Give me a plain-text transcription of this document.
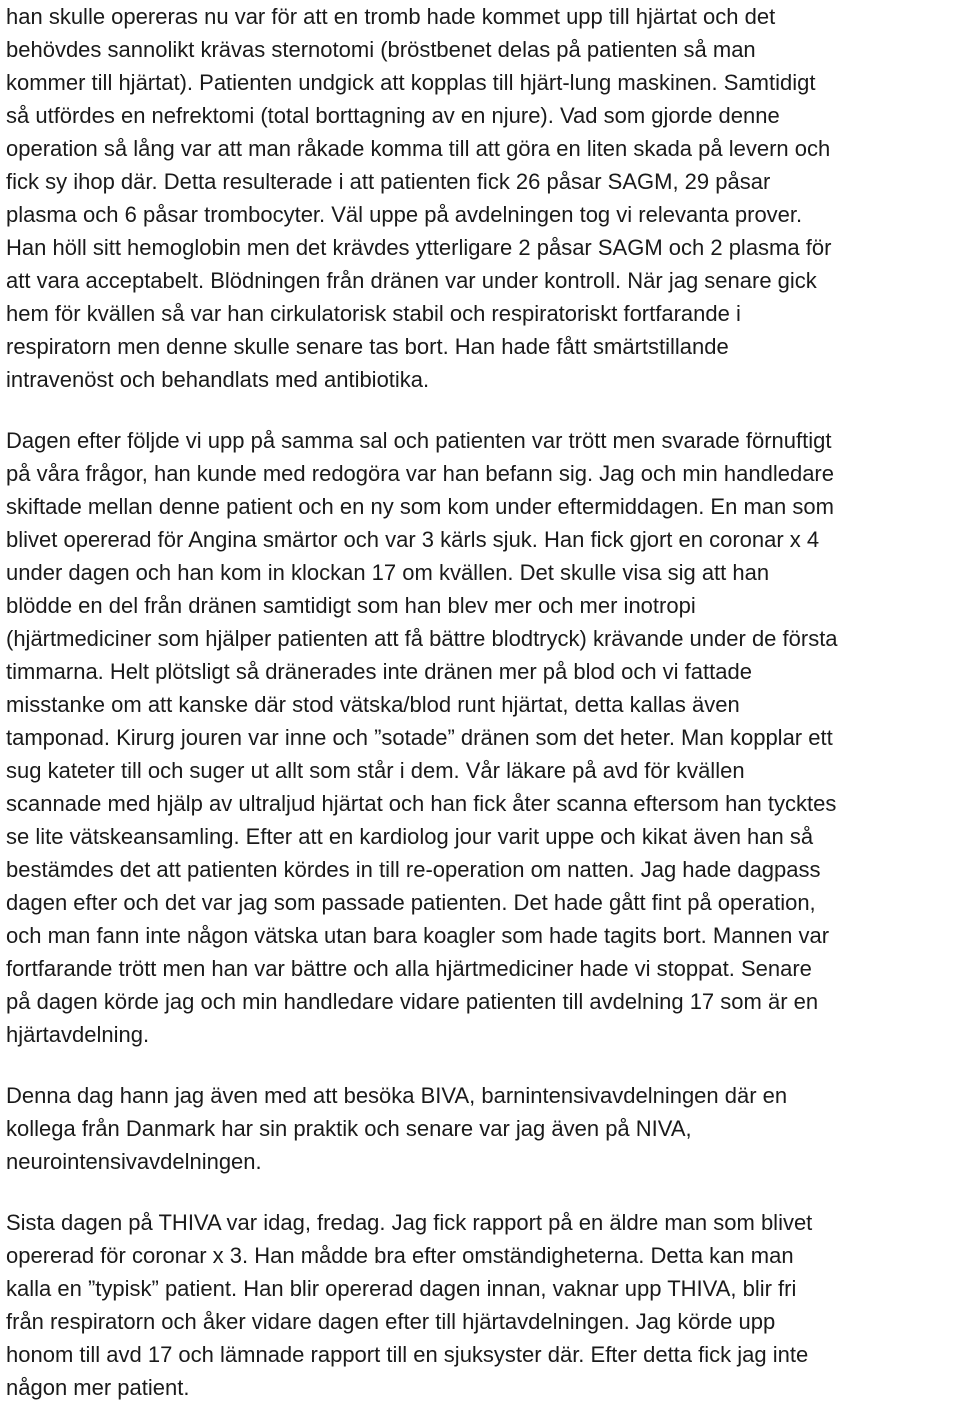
han skulle opereras nu var för att en tromb hade kommet upp till hjärtat och det
behövdes sannolikt krävas sternotomi (bröstbenet delas på patienten så man
kommer till hjärtat). Patienten undgick att kopplas till hjärt-lung maskinen. Samtidigt
så utfördes en nefrektomi (total borttagning av en njure). Vad som gjorde denne
operation så lång var att man råkade komma till att göra en liten skada på levern och
fick sy ihop där. Detta resulterade i att patienten fick 26 påsar SAGM, 29 påsar
plasma och 6 påsar trombocyter. Väl uppe på avdelningen tog vi relevanta prover.
Han höll sitt hemoglobin men det krävdes ytterligare 2 påsar SAGM och 2 plasma för
att vara acceptabelt. Blödningen från dränen var under kontroll. När jag senare gick
hem för kvällen så var han cirkulatorisk stabil och respiratoriskt fortfarande i
respiratorn men denne skulle senare tas bort. Han hade fått smärtstillande
intravenöst och behandlats med antibiotika.
Dagen efter följde vi upp på samma sal och patienten var trött men svarade förnuftigt
på våra frågor, han kunde med redogöra var han befann sig. Jag och min handledare
skiftade mellan denne patient och en ny som kom under eftermiddagen. En man som
blivet opererad för Angina smärtor och var 3 kärls sjuk. Han fick gjort en coronar x 4
under dagen och han kom in klockan 17 om kvällen. Det skulle visa sig att han
blödde en del från dränen samtidigt som han blev mer och mer inotropi
(hjärtmediciner som hjälper patienten att få bättre blodtryck) krävande under de första
timmarna. Helt plötsligt så dränerades inte dränen mer på blod och vi fattade
misstanke om att kanske där stod vätska/blod runt hjärtat, detta kallas även
tamponad. Kirurg jouren var inne och ”sotade” dränen som det heter. Man kopplar ett
sug kateter till och suger ut allt som står i dem. Vår läkare på avd för kvällen
scannade med hjälp av ultraljud hjärtat och han fick åter scanna eftersom han tycktes
se lite vätskeansamling. Efter att en kardiolog jour varit uppe och kikat även han så
bestämdes det att patienten kördes in till re-operation om natten. Jag hade dagpass
dagen efter och det var jag som passade patienten. Det hade gått fint på operation,
och man fann inte någon vätska utan bara koagler som hade tagits bort. Mannen var
fortfarande trött men han var bättre och alla hjärtmediciner hade vi stoppat. Senare
på dagen körde jag och min handledare vidare patienten till avdelning 17 som är en
hjärtavdelning.
Denna dag hann jag även med att besöka BIVA, barnintensivavdelningen där en
kollega från Danmark har sin praktik och senare var jag även på NIVA,
neurointensivavdelningen.
Sista dagen på THIVA var idag, fredag. Jag fick rapport på en äldre man som blivet
opererad för coronar x 3. Han mådde bra efter omständigheterna. Detta kan man
kalla en ”typisk” patient. Han blir opererad dagen innan, vaknar upp THIVA, blir fri
från respiratorn och åker vidare dagen efter till hjärtavdelningen. Jag körde upp
honom till avd 17 och lämnade rapport till en sjuksyster där. Efter detta fick jag inte
någon mer patient.
